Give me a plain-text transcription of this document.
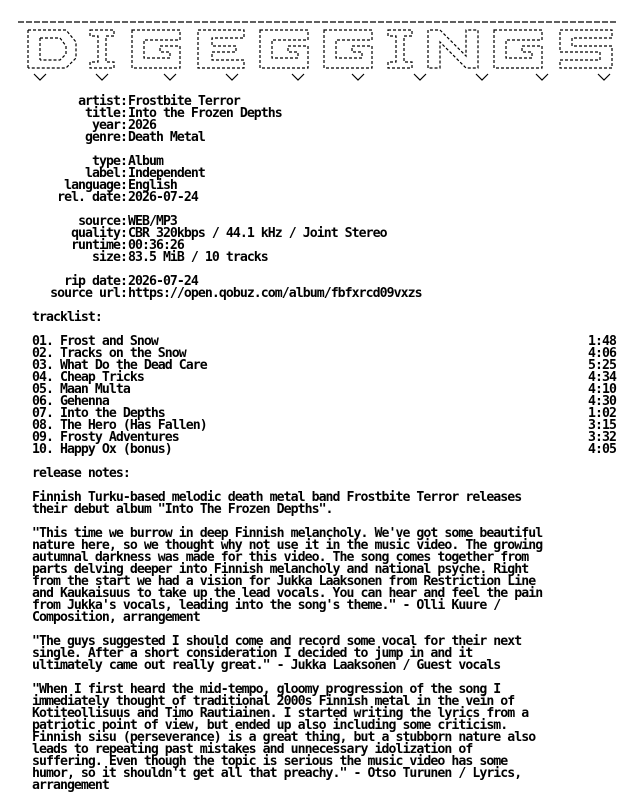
artist : Frostbite Terror
title : Into the Frozen Depths
year : 2026
genre : Death Metal
type : Album
label : Independent
language : English
rel. date : 2026-07-24
source : WEB/MP3
quality : CBR 320kbps / 44.1 kHz / Joint Stereo
runtime : 00:36:26
size : 83.5 MiB / 10 tracks
rip date : 2026-07-24
source url : https://open.qobuz.com/album/fbfxrcd09vxzs
tracklist:
01. Frost and Snow	1:48
02. Tracks on the Snow	4:06
03. What Do the Dead Care	5:25
04. Cheap Tricks	4:34
05. Maan Multa	4:10
06. Gehenna	4:30
07. Into the Depths	1:02
08. The Hero (Has Fallen)	3:15
09. Frosty Adventures	3:32
10. Happy Ox (bonus)	4:05
release notes:
Finnish Turku-based melodic death metal band Frostbite Terror releases
their debut album "Into The Frozen Depths".
"This time we burrow in deep Finnish melancholy. We've got some beautiful
nature here, so we thought why not use it in the music video. The growing
autumnal darkness was made for this video. The song comes together from
parts delving deeper into Finnish melancholy and national psyche. Right
from the start we had a vision for Jukka Laaksonen from Restriction Line
and Kaukaisuus to take up the lead vocals. You can hear and feel the pain
from Jukka's vocals, leading into the song's theme." - Olli Kuure /
Composition, arrangement
"The guys suggested I should come and record some vocal for their next
single. After a short consideration I decided to jump in and it
ultimately came out really great." - Jukka Laaksonen / Guest vocals
"When I first heard the mid-tempo, gloomy progression of the song I
immediately thought of traditional 2000s Finnish metal in the vein of
Kotiteollisuus and Timo Rautiainen. I started writing the lyrics from a
patriotic point of view, but ended up also including some criticism.
Finnish sisu (perseverance) is a great thing, but a stubborn nature also
leads to repeating past mistakes and unnecessary idolization of
suffering. Even though the topic is serious the music video has some
humor, so it shouldn't get all that preachy." - Otso Turunen / Lyrics,
arrangement
